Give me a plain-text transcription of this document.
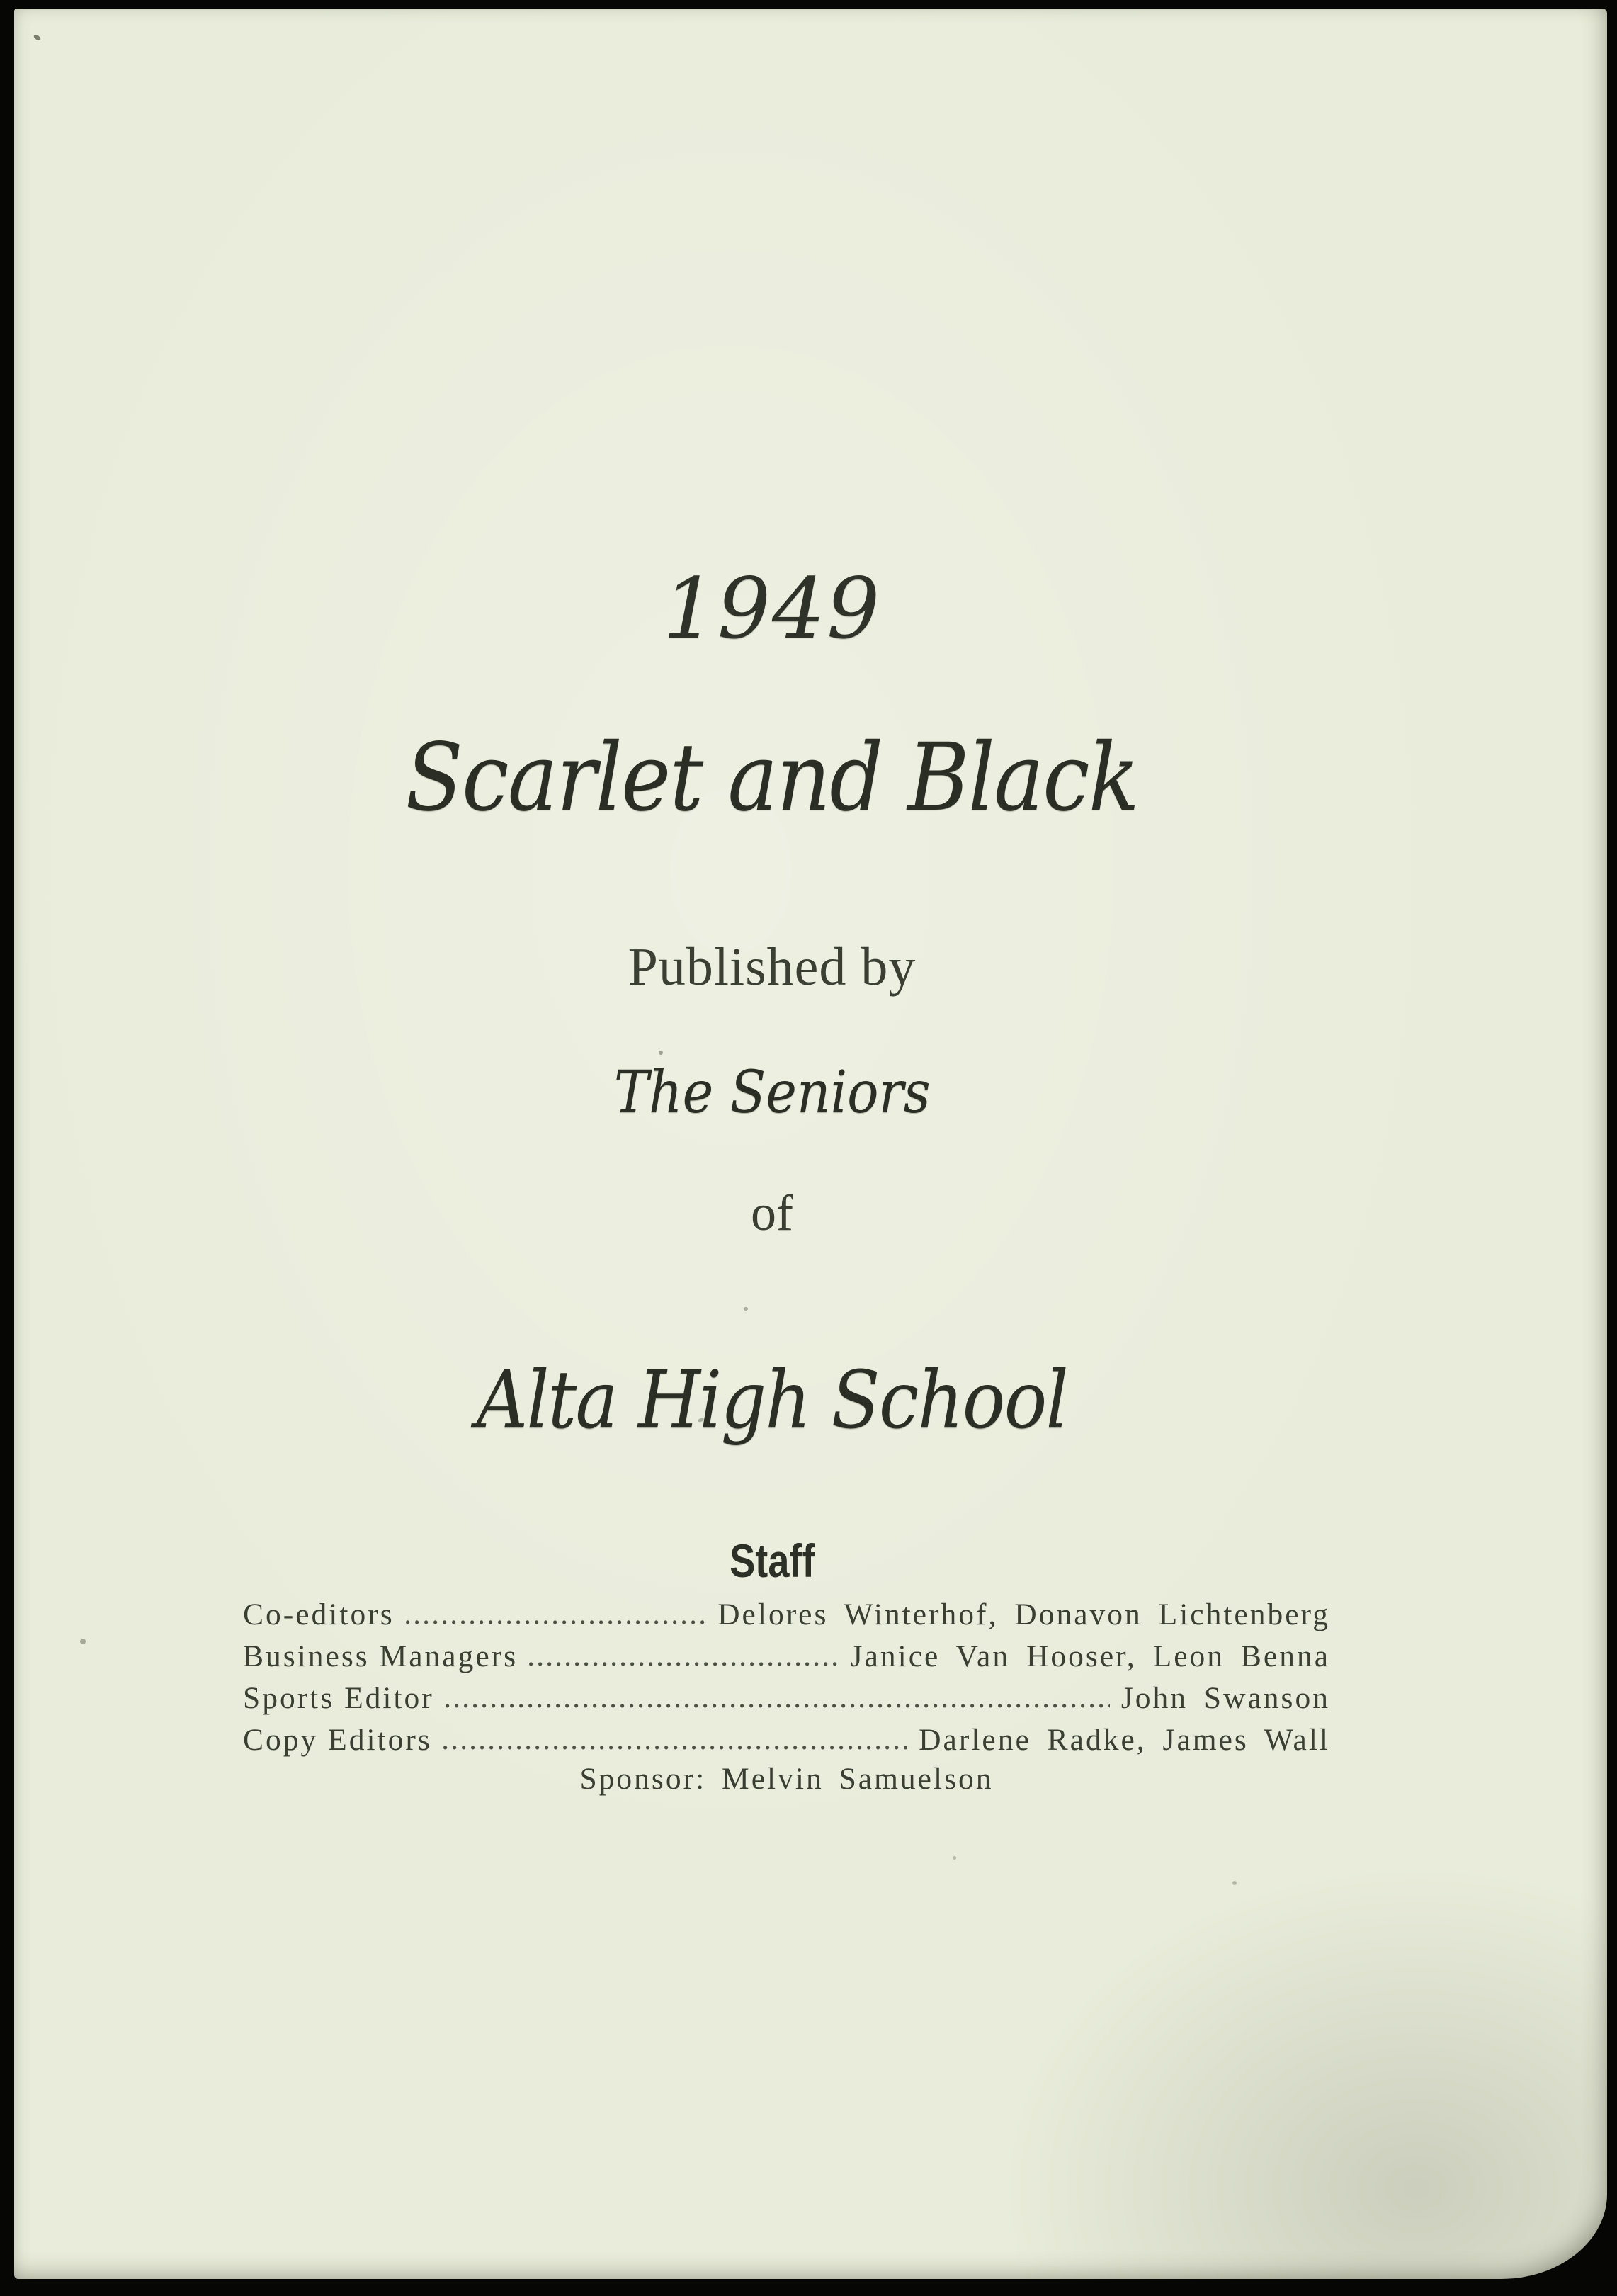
1949
Scarlet and Black
Published by
The Seniors
of
Alta High School
Staff
Co-editors	Delores Winterhof, Donavon Lichtenberg
Business Managers	Janice Van Hooser, Leon Benna
Sports Editor	John Swanson
Copy Editors	Darlene Radke, James Wall
Sponsor: Melvin Samuelson
